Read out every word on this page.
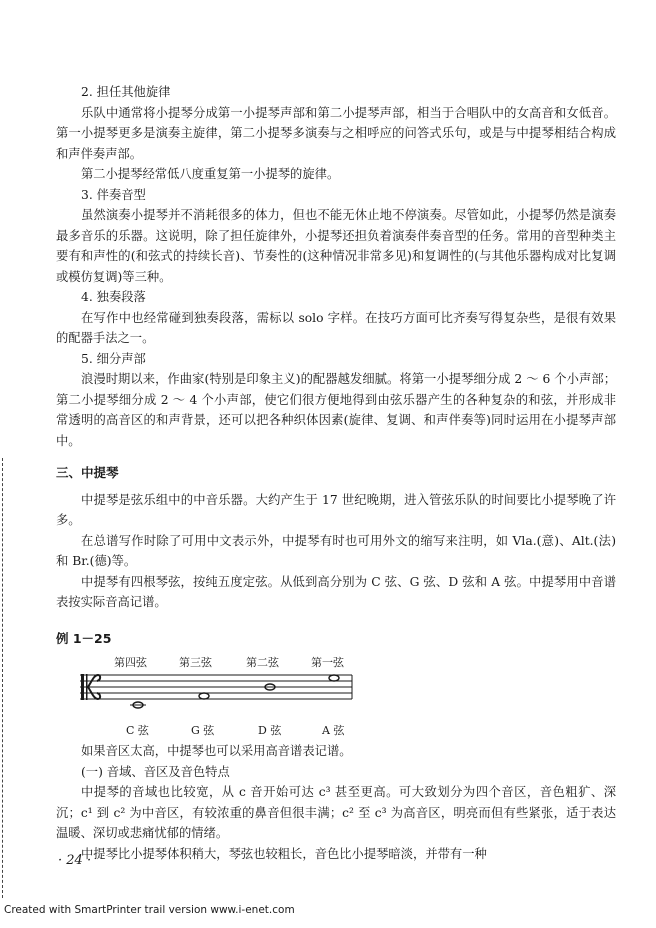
2. 担任其他旋律

乐队中通常将小提琴分成第一小提琴声部和第二小提琴声部，相当于合唱队中的女高音和女低音。第一小提琴更多是演奏主旋律，第二小提琴多演奏与之相呼应的问答式乐句，或是与中提琴相结合构成和声伴奏声部。

第二小提琴经常低八度重复第一小提琴的旋律。

3. 伴奏音型

虽然演奏小提琴并不消耗很多的体力，但也不能无休止地不停演奏。尽管如此，小提琴仍然是演奏最多音乐的乐器。这说明，除了担任旋律外，小提琴还担负着演奏伴奏音型的任务。常用的音型种类主要有和声性的(和弦式的持续长音)、节奏性的(这种情况非常多见)和复调性的(与其他乐器构成对比复调或模仿复调)等三种。

4. 独奏段落

在写作中也经常碰到独奏段落，需标以 solo 字样。在技巧方面可比齐奏写得复杂些，是很有效果的配器手法之一。

5. 细分声部

浪漫时期以来，作曲家(特别是印象主义)的配器越发细腻。将第一小提琴细分成 2 ～ 6 个小声部；第二小提琴细分成 2 ～ 4 个小声部，使它们很方便地得到由弦乐器产生的各种复杂的和弦，并形成非常透明的高音区的和声背景，还可以把各种织体因素(旋律、复调、和声伴奏等)同时运用在小提琴声部中。

三、中提琴

中提琴是弦乐组中的中音乐器。大约产生于 17 世纪晚期，进入管弦乐队的时间要比小提琴晚了许多。

在总谱写作时除了可用中文表示外，中提琴有时也可用外文的缩写来注明，如 Vla.(意)、Alt.(法)和 Br.(德)等。

中提琴有四根琴弦，按纯五度定弦。从低到高分别为 C 弦、G 弦、D 弦和 A 弦。中提琴用中音谱表按实际音高记谱。

例 1－25
第四弦	第三弦	第二弦	第一弦
C 弦	G 弦	D 弦	A 弦

如果音区太高，中提琴也可以采用高音谱表记谱。

(一) 音域、音区及音色特点

中提琴的音域也比较宽，从 c 音开始可达 c³ 甚至更高。可大致划分为四个音区，音色粗犷、深沉；c¹ 到 c² 为中音区，有较浓重的鼻音但很丰满；c² 至 c³ 为高音区，明亮而但有些紧张，适于表达温暖、深切或悲痛忧郁的情绪。

中提琴比小提琴体积稍大，琴弦也较粗长，音色比小提琴暗淡，并带有一种

· 24 ·
Created with SmartPrinter trail version www.i-enet.com
